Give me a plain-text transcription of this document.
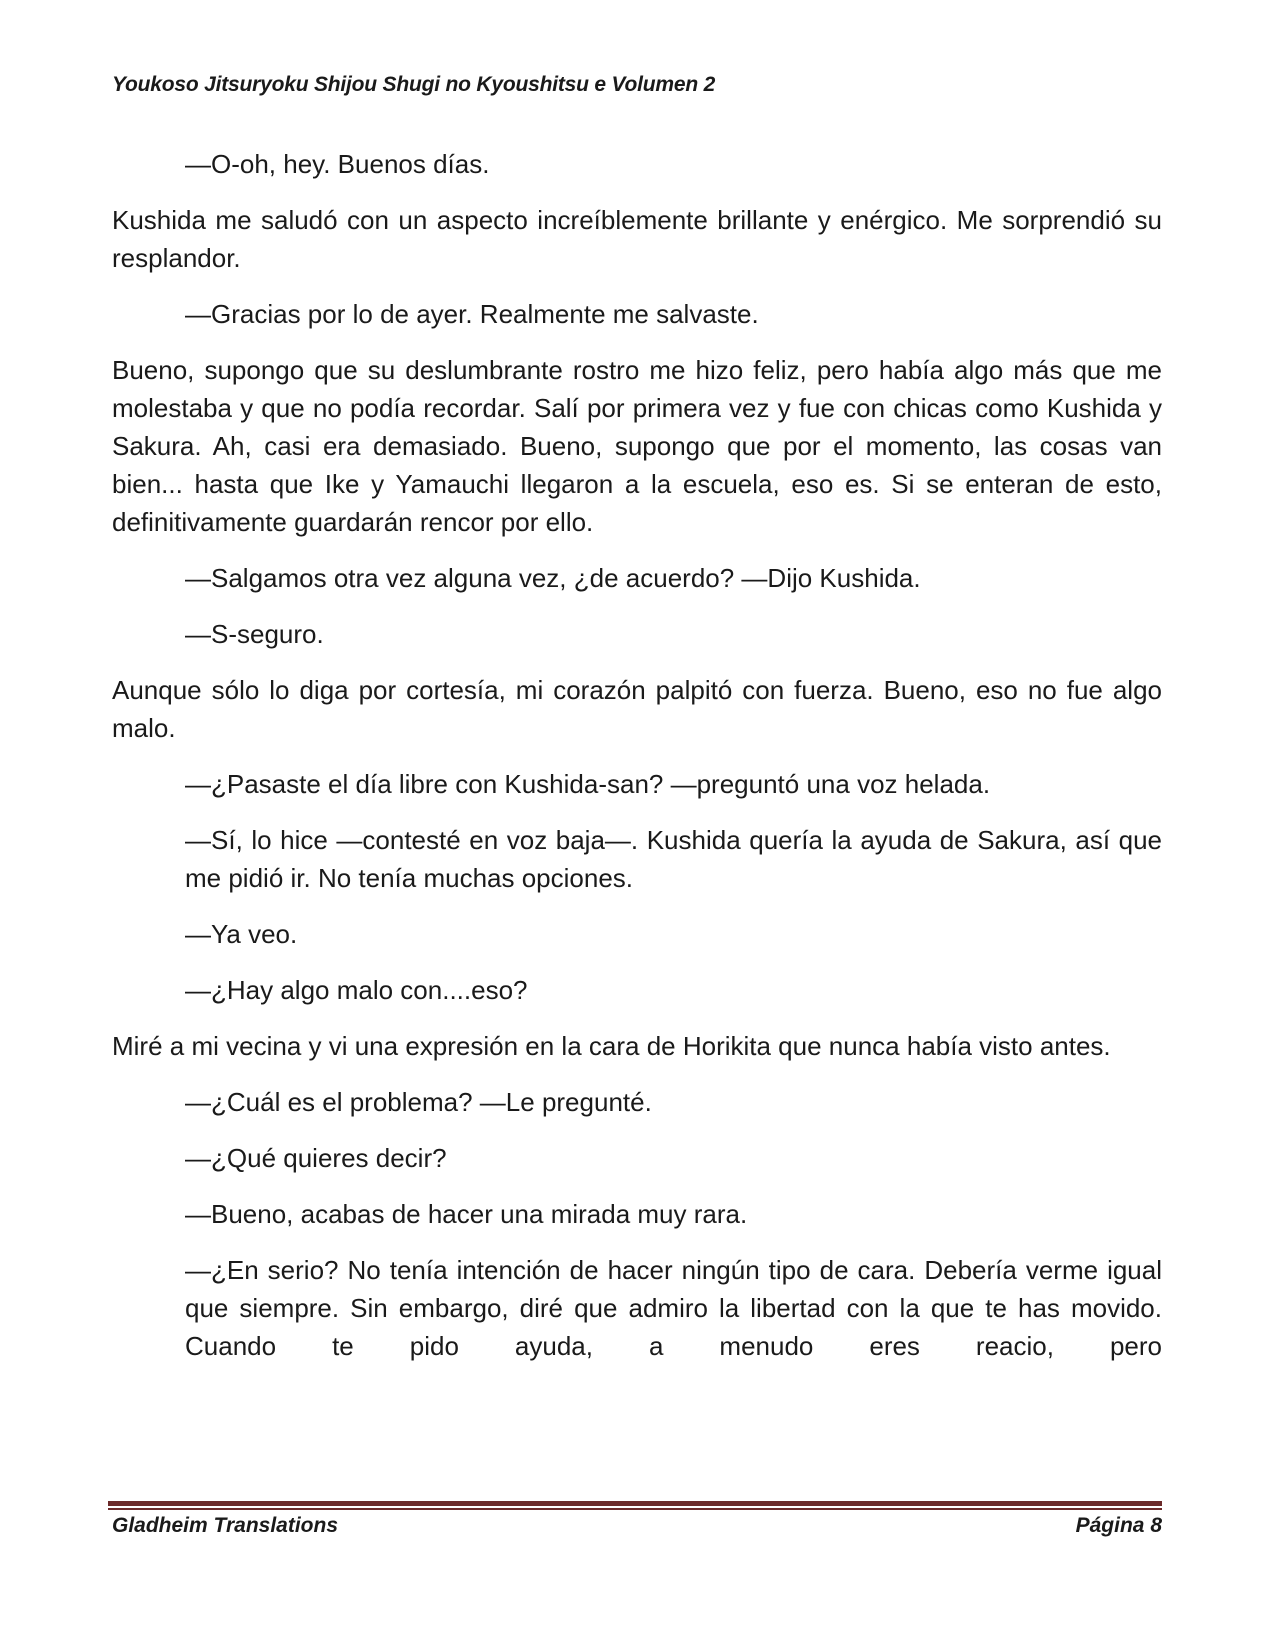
Youkoso Jitsuryoku Shijou Shugi no Kyoushitsu e Volumen 2

—O-oh, hey. Buenos días.

Kushida me saludó con un aspecto increíblemente brillante y enérgico. Me sorprendió su resplandor.

—Gracias por lo de ayer. Realmente me salvaste.

Bueno, supongo que su deslumbrante rostro me hizo feliz, pero había algo más que me molestaba y que no podía recordar. Salí por primera vez y fue con chicas como Kushida y Sakura. Ah, casi era demasiado. Bueno, supongo que por el momento, las cosas van bien... hasta que Ike y Yamauchi llegaron a la escuela, eso es. Si se enteran de esto, definitivamente guardarán rencor por ello.

—Salgamos otra vez alguna vez, ¿de acuerdo? —Dijo Kushida.

—S-seguro.

Aunque sólo lo diga por cortesía, mi corazón palpitó con fuerza. Bueno, eso no fue algo malo.

—¿Pasaste el día libre con Kushida-san? —preguntó una voz helada.

—Sí, lo hice —contesté en voz baja—. Kushida quería la ayuda de Sakura, así que me pidió ir. No tenía muchas opciones.

—Ya veo.

—¿Hay algo malo con....eso?

Miré a mi vecina y vi una expresión en la cara de Horikita que nunca había visto antes.

—¿Cuál es el problema? —Le pregunté.

—¿Qué quieres decir?

—Bueno, acabas de hacer una mirada muy rara.

—¿En serio? No tenía intención de hacer ningún tipo de cara. Debería verme igual que siempre. Sin embargo, diré que admiro la libertad con la que te has movido. Cuando te pido ayuda, a menudo eres reacio, pero

Gladheim Translations	Página 8
